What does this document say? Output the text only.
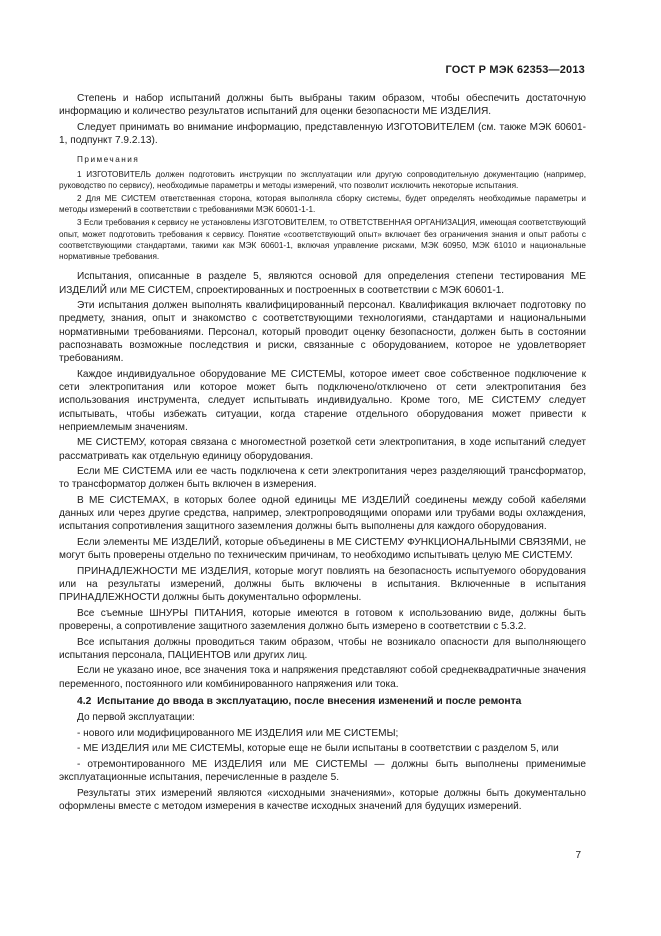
ГОСТ Р МЭК 62353—2013

Степень и набор испытаний должны быть выбраны таким образом, чтобы обеспечить достаточную информацию и количество результатов испытаний для оценки безопасности МЕ ИЗДЕЛИЯ.

Следует принимать во внимание информацию, представленную ИЗГОТОВИТЕЛЕМ (см. также МЭК 60601-1, подпункт 7.9.2.13).

Примечания

1 ИЗГОТОВИТЕЛЬ должен подготовить инструкции по эксплуатации или другую сопроводительную документацию (например, руководство по сервису), необходимые параметры и методы измерений, что позволит исключить некоторые испытания.

2 Для МЕ СИСТЕМ ответственная сторона, которая выполняла сборку системы, будет определять необходимые параметры и методы измерений в соответствии с требованиями МЭК 60601-1-1.

3 Если требования к сервису не установлены ИЗГОТОВИТЕЛЕМ, то ОТВЕТСТВЕННАЯ ОРГАНИЗАЦИЯ, имеющая соответствующий опыт, может подготовить требования к сервису. Понятие «соответствующий опыт» включает без ограничения знания и опыт работы с соответствующими стандартами, такими как МЭК 60601-1, включая управление рисками, МЭК 60950, МЭК 61010 и национальные нормативные требования.

Испытания, описанные в разделе 5, являются основой для определения степени тестирования МЕ ИЗДЕЛИЙ или МЕ СИСТЕМ, спроектированных и построенных в соответствии с МЭК 60601-1.

Эти испытания должен выполнять квалифицированный персонал. Квалификация включает подготовку по предмету, знания, опыт и знакомство с соответствующими технологиями, стандартами и национальными нормативными требованиями. Персонал, который проводит оценку безопасности, должен быть в состоянии распознавать возможные последствия и риски, связанные с оборудованием, которое не удовлетворяет требованиям.

Каждое индивидуальное оборудование МЕ СИСТЕМЫ, которое имеет свое собственное подключение к сети электропитания или которое может быть подключено/отключено от сети электропитания без использования инструмента, следует испытывать индивидуально. Кроме того, МЕ СИСТЕМУ следует испытывать, чтобы избежать ситуации, когда старение отдельного оборудования может привести к неприемлемым значениям.

МЕ СИСТЕМУ, которая связана с многоместной розеткой сети электропитания, в ходе испытаний следует рассматривать как отдельную единицу оборудования.

Если МЕ СИСТЕМА или ее часть подключена к сети электропитания через разделяющий трансформатор, то трансформатор должен быть включен в измерения.

В МЕ СИСТЕМАХ, в которых более одной единицы МЕ ИЗДЕЛИЙ соединены между собой кабелями данных или через другие средства, например, электропроводящими опорами или трубами воды охлаждения, испытания сопротивления защитного заземления должны быть выполнены для каждого оборудования.

Если элементы МЕ ИЗДЕЛИЙ, которые объединены в МЕ СИСТЕМУ ФУНКЦИОНАЛЬНЫМИ СВЯЗЯМИ, не могут быть проверены отдельно по техническим причинам, то необходимо испытывать целую МЕ СИСТЕМУ.

ПРИНАДЛЕЖНОСТИ МЕ ИЗДЕЛИЯ, которые могут повлиять на безопасность испытуемого оборудования или на результаты измерений, должны быть включены в испытания. Включенные в испытания ПРИНАДЛЕЖНОСТИ должны быть документально оформлены.

Все съемные ШНУРЫ ПИТАНИЯ, которые имеются в готовом к использованию виде, должны быть проверены, а сопротивление защитного заземления должно быть измерено в соответствии с 5.3.2.

Все испытания должны проводиться таким образом, чтобы не возникало опасности для выполняющего испытания персонала, ПАЦИЕНТОВ или других лиц.

Если не указано иное, все значения тока и напряжения представляют собой среднеквадратичные значения переменного, постоянного или комбинированного напряжения или тока.

4.2 Испытание до ввода в эксплуатацию, после внесения изменений и после ремонта

До первой эксплуатации:

- нового или модифицированного МЕ ИЗДЕЛИЯ или МЕ СИСТЕМЫ;

- МЕ ИЗДЕЛИЯ или МЕ СИСТЕМЫ, которые еще не были испытаны в соответствии с разделом 5, или

- отремонтированного МЕ ИЗДЕЛИЯ или МЕ СИСТЕМЫ — должны быть выполнены применимые эксплуатационные испытания, перечисленные в разделе 5.

Результаты этих измерений являются «исходными значениями», которые должны быть документально оформлены вместе с методом измерения в качестве исходных значений для будущих измерений.

7
